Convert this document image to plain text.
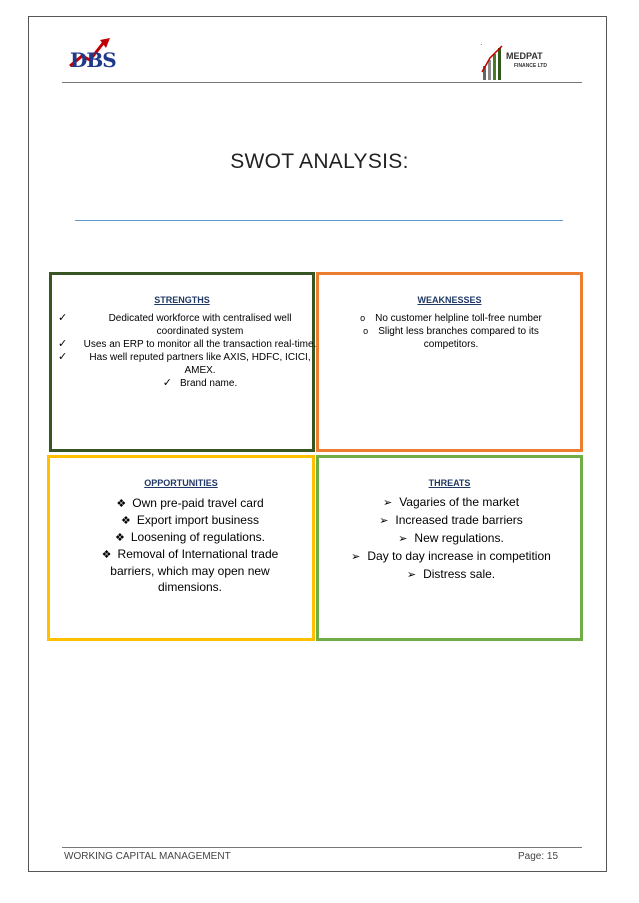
DBS
·
MEDPAT
FINANCE LTD
SWOT ANALYSIS:
STRENGTHS
✓	Dedicated workforce with centralised well coordinated system
✓ Uses an ERP to monitor all the transaction real-time.
✓ Has well reputed partners like AXIS, HDFC, ICICI, AMEX.
✓ Brand name.
WEAKNESSES
o No customer helpline toll-free number
o Slight less branches compared to its competitors.
OPPORTUNITIES
❖ Own pre-paid travel card
❖ Export import business
❖ Loosening of regulations.
❖ Removal of International trade barriers, which may open new dimensions.
THREATS
➢ Vagaries of the market
➢ Increased trade barriers
➢ New regulations.
➢ Day to day increase in competition
➢ Distress sale.
WORKING CAPITAL MANAGEMENT	Page: 15
